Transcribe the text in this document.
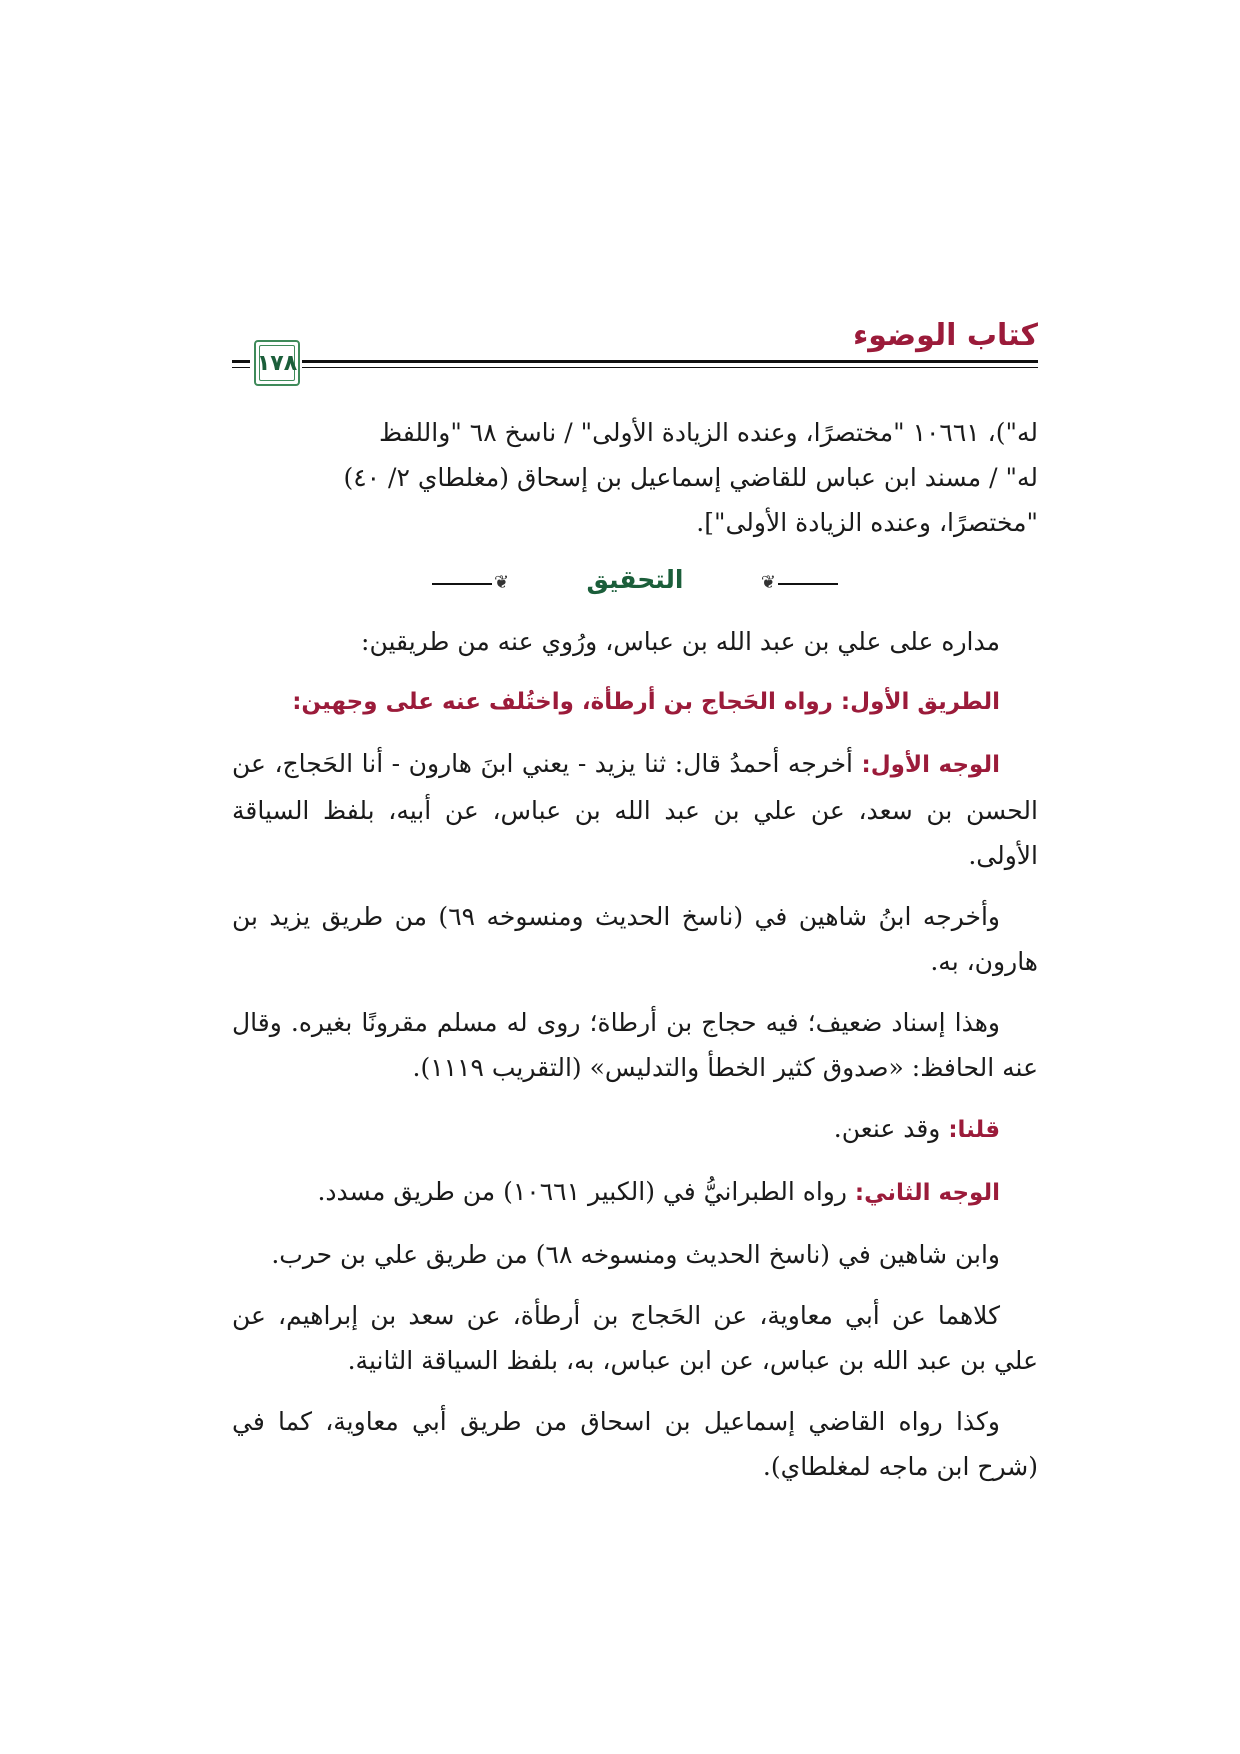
كتاب الوضوء
١٧٨

له")، ١٠٦٦١ "مختصرًا، وعنده الزيادة الأولى" / ناسخ ٦٨ "واللفظ

له" / مسند ابن عباس للقاضي إسماعيل بن إسحاق (مغلطاي ٢/ ٤٠)

"مختصرًا، وعنده الزيادة الأولى"].

❦
التحقيق
❦

مداره على علي بن عبد الله بن عباس، ورُوي عنه من طريقين:

الطريق الأول: رواه الحَجاج بن أرطأة، واختُلف عنه على وجهين:

الوجه الأول: أخرجه أحمدُ قال: ثنا يزيد - يعني ابنَ هارون - أنا الحَجاج، عن الحسن بن سعد، عن علي بن عبد الله بن عباس، عن أبيه، بلفظ السياقة الأولى.

وأخرجه ابنُ شاهين في (ناسخ الحديث ومنسوخه ٦٩) من طريق يزيد بن هارون، به.

وهذا إسناد ضعيف؛ فيه حجاج بن أرطاة؛ روى له مسلم مقرونًا بغيره. وقال عنه الحافظ: «صدوق كثير الخطأ والتدليس» (التقريب ١١١٩).

قلنا: وقد عنعن.

الوجه الثاني: رواه الطبرانيُّ في (الكبير ١٠٦٦١) من طريق مسدد.

وابن شاهين في (ناسخ الحديث ومنسوخه ٦٨) من طريق علي بن حرب.

كلاهما عن أبي معاوية، عن الحَجاج بن أرطأة، عن سعد بن إبراهيم، عن علي بن عبد الله بن عباس، عن ابن عباس، به، بلفظ السياقة الثانية.

وكذا رواه القاضي إسماعيل بن اسحاق من طريق أبي معاوية، كما في (شرح ابن ماجه لمغلطاي).
